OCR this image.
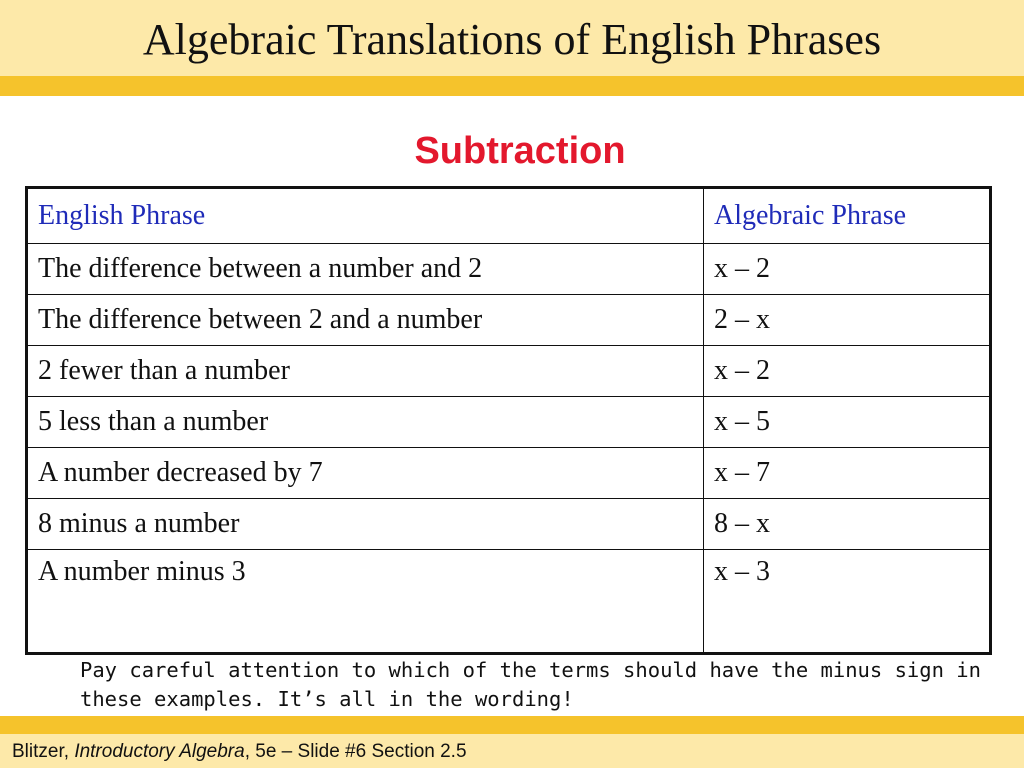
Algebraic Translations of English Phrases
Subtraction
English Phrase	Algebraic Phrase
The difference between a number and 2	x – 2
The difference between 2 and a number	2 – x
2 fewer than a number	x – 2
5 less than a number	x – 5
A number decreased by 7	x – 7
8 minus a number	8 – x
A number minus 3	x – 3
Pay careful attention to which of the terms should have the minus sign in
these examples. It’s all in the wording!
Blitzer, Introductory Algebra, 5e – Slide #6 Section 2.5
